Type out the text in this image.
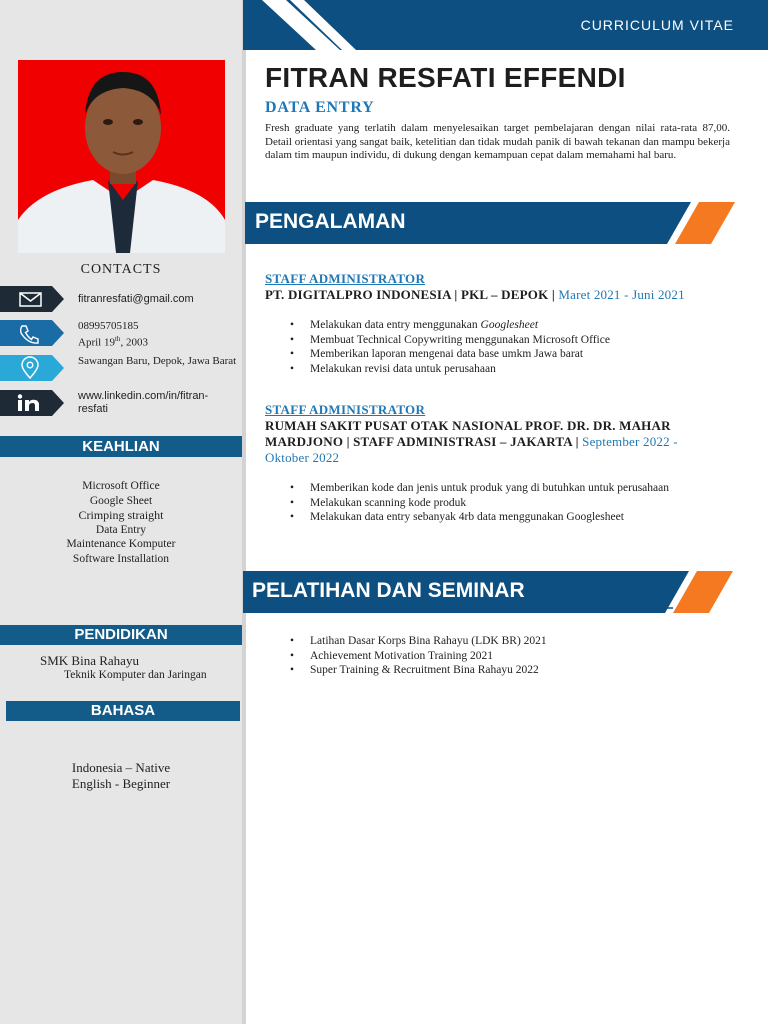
CURRICULUM VITAE
CONTACTS
fitranresfati@gmail.com
08995705185
April 19th, 2003
Sawangan Baru, Depok, Jawa Barat
www.linkedin.com/in/fitran-resfati
KEAHLIAN
Microsoft Office
Google Sheet
Crimping straight
Data Entry
Maintenance Komputer
Software Installation
PENDIDIKAN
SMK Bina Rahayu
Teknik Komputer dan Jaringan
BAHASA
Indonesia – Native
English - Beginner
FITRAN RESFATI EFFENDI
DATA ENTRY
Fresh graduate yang terlatih dalam menyelesaikan target pembelajaran dengan nilai rata-rata 87,00. Detail orientasi yang sangat baik, ketelitian dan tidak mudah panik di bawah tekanan dan mampu bekerja dalam tim maupun individu, di dukung dengan kemampuan cepat dalam memahami hal baru.
PENGALAMAN
STAFF ADMINISTRATOR
PT. DIGITALPRO INDONESIA | PKL – DEPOK | Maret 2021 - Juni 2021
• Melakukan data entry menggunakan Googlesheet
• Membuat Technical Copywriting menggunakan Microsoft Office
• Memberikan laporan mengenai data base umkm Jawa barat
• Melakukan revisi data untuk perusahaan
STAFF ADMINISTRATOR
RUMAH SAKIT PUSAT OTAK NASIONAL PROF. DR. DR. MAHAR MARDJONO | STAFF ADMINISTRASI – JAKARTA | September 2022 - Oktober 2022
• Memberikan kode dan jenis untuk produk yang di butuhkan untuk perusahaan
• Melakukan scanning kode produk
• Melakukan data entry sebanyak 4rb data menggunakan Googlesheet
PELATIHAN DAN SEMINAR
• Latihan Dasar Korps Bina Rahayu (LDK BR) 2021
• Achievement Motivation Training 2021
• Super Training & Recruitment Bina Rahayu 2022
